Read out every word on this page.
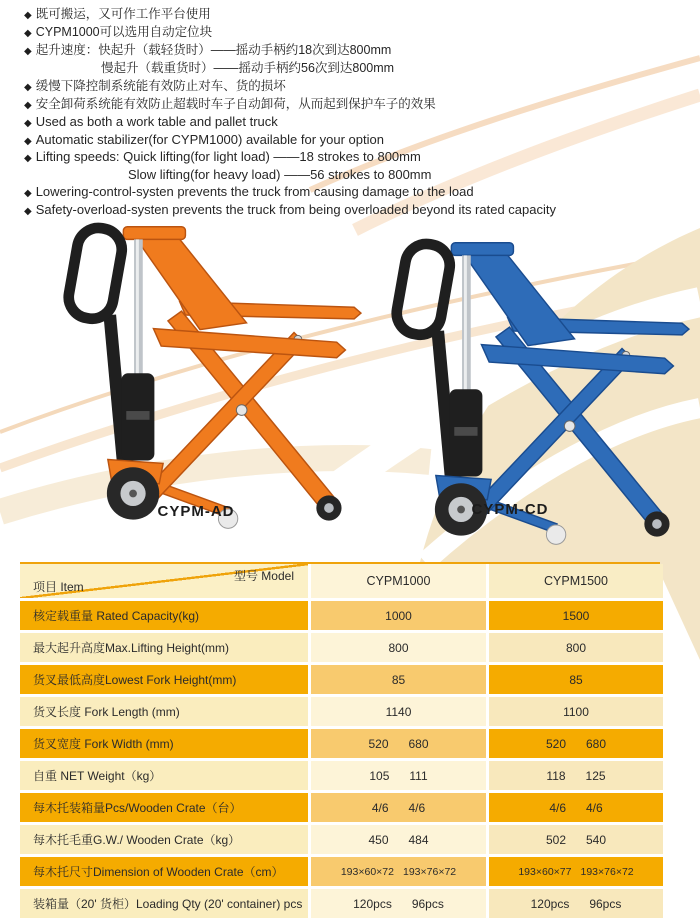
◆ 既可搬运，又可作工作平台使用
◆ CYPM1000可以选用自动定位块
◆ 起升速度：快起升（载轻货时）——摇动手柄约18次到达800mm
慢起升（载重货时）——摇动手柄约56次到达800mm
◆ 缓慢下降控制系统能有效防止对车、货的损坏
◆ 安全卸荷系统能有效防止超载时车子自动卸荷，从而起到保护车子的效果
◆ Used as both a work table and pallet truck
◆ Automatic stabilizer(for CYPM1000) available for your option
◆ Lifting speeds: Quick lifting(for light load) ——18 strokes to 800mm
Slow lifting(for heavy load) ——56 strokes to 800mm
◆ Lowering-control-systen prevents the truck from causing damage to the load
◆ Safety-overload-systen prevents the truck from being overloaded beyond its rated capacity
CYPM-AD	CYPM-CD
型号 Model
项目 Item	CYPM1000	CYPM1500
核定载重量 Rated Capacity(kg)	1000	1500
最大起升高度Max.Lifting Height(mm)	800	800
货叉最低高度Lowest Fork Height(mm)	85	85
货叉长度 Fork Length (mm)	1140	1100
货叉宽度 Fork Width (mm)	520 680	520 680
自重 NET Weight（kg）	105 111	118 125
每木托装箱量Pcs/Wooden Crate（台）	4/6 4/6	4/6 4/6
每木托毛重G.W./ Wooden Crate（kg）	450 484	502 540
每木托尺寸Dimension of Wooden Crate（cm）	193×60×72 193×76×72	193×60×77 193×76×72
装箱量（20' 货柜）Loading Qty (20' container) pcs	120pcs 96pcs	120pcs 96pcs
